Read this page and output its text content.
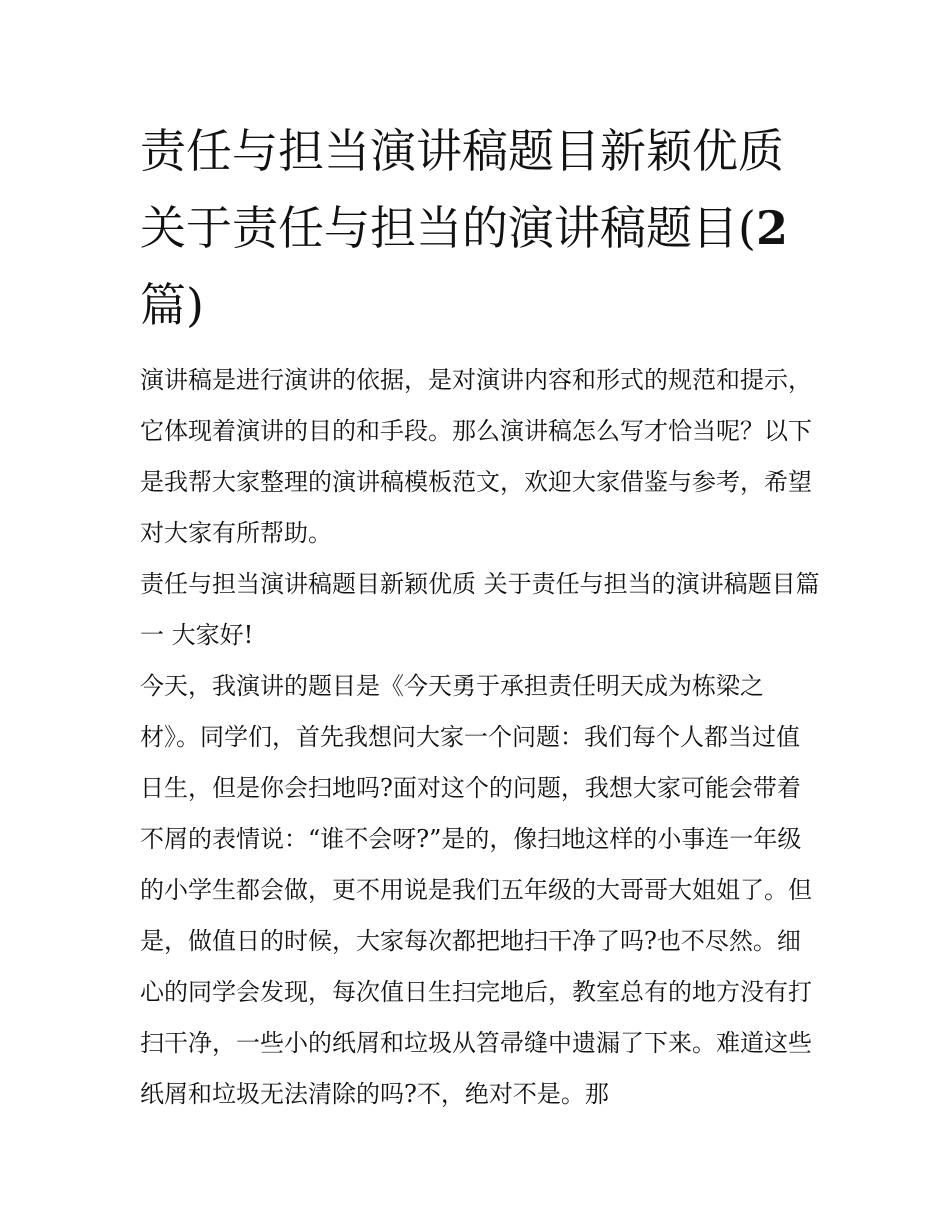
责任与担当演讲稿题目新颖优质 关于责任与担当的演讲稿题目(2 篇)

演讲稿是进行演讲的依据，是对演讲内容和形式的规范和提示，它体现着演讲的目的和手段。那么演讲稿怎么写才恰当呢？以下是我帮大家整理的演讲稿模板范文，欢迎大家借鉴与参考，希望对大家有所帮助。

责任与担当演讲稿题目新颖优质 关于责任与担当的演讲稿题目篇一 大家好!

今天，我演讲的题目是《今天勇于承担责任明天成为栋梁之材》。同学们，首先我想问大家一个问题：我们每个人都当过值日生，但是你会扫地吗?面对这个的问题，我想大家可能会带着不屑的表情说：“谁不会呀?”是的，像扫地这样的小事连一年级的小学生都会做，更不用说是我们五年级的大哥哥大姐姐了。但是，做值日的时候，大家每次都把地扫干净了吗?也不尽然。细心的同学会发现，每次值日生扫完地后，教室总有的地方没有打扫干净，一些小的纸屑和垃圾从笤帚缝中遗漏了下来。难道这些纸屑和垃圾无法清除的吗?不，绝对不是。那
